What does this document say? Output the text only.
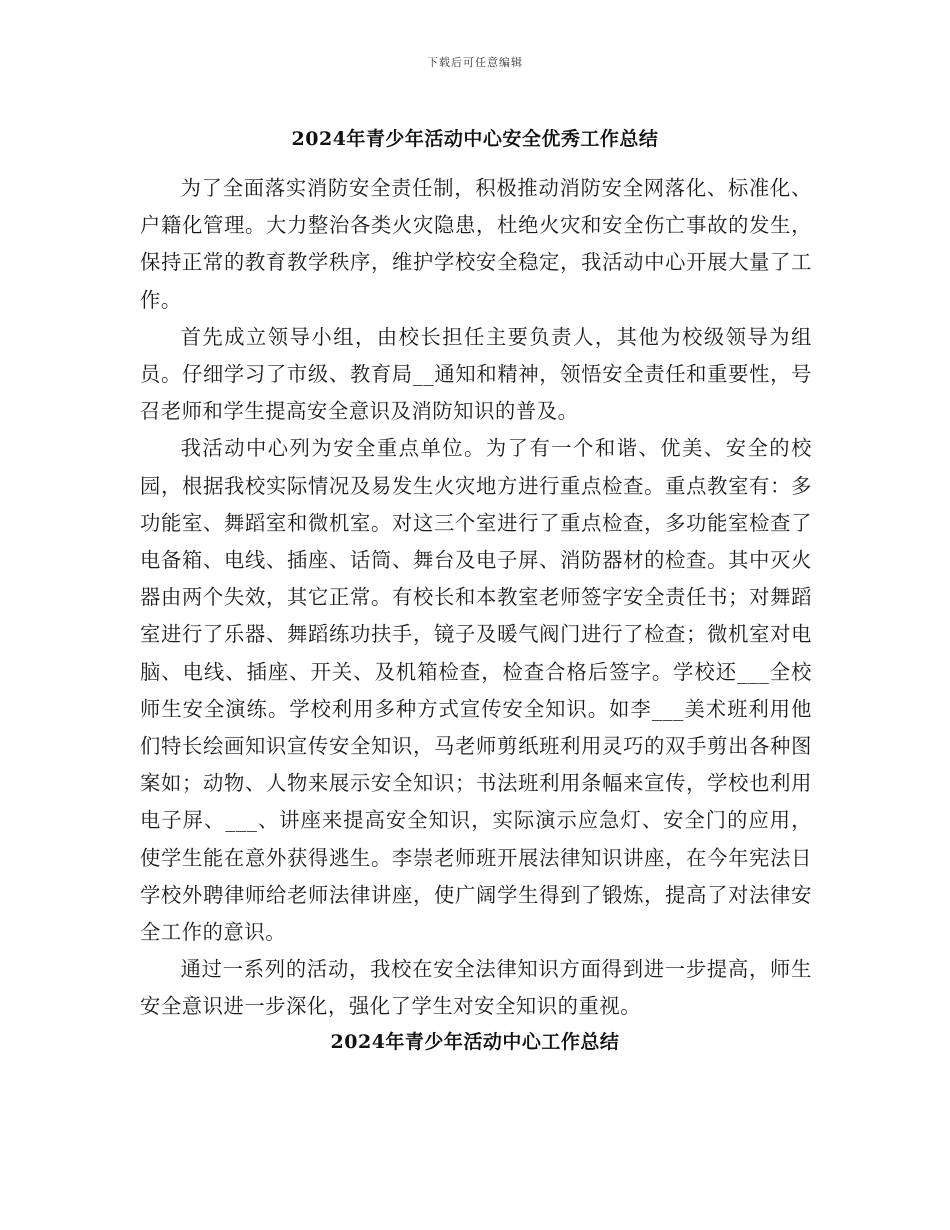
下载后可任意编辑
2024年青少年活动中心安全优秀工作总结

为了全面落实消防安全责任制，积极推动消防安全网落化、标准化、户籍化管理。大力整治各类火灾隐患，杜绝火灾和安全伤亡事故的发生，保持正常的教育教学秩序，维护学校安全稳定，我活动中心开展大量了工作。

首先成立领导小组，由校长担任主要负责人，其他为校级领导为组员。仔细学习了市级、教育局__通知和精神，领悟安全责任和重要性，号召老师和学生提高安全意识及消防知识的普及。

我活动中心列为安全重点单位。为了有一个和谐、优美、安全的校园，根据我校实际情况及易发生火灾地方进行重点检查。重点教室有：多功能室、舞蹈室和微机室。对这三个室进行了重点检查，多功能室检查了电备箱、电线、插座、话筒、舞台及电子屏、消防器材的检查。其中灭火器由两个失效，其它正常。有校长和本教室老师签字安全责任书；对舞蹈室进行了乐器、舞蹈练功扶手，镜子及暖气阀门进行了检查；微机室对电脑、电线、插座、开关、及机箱检查，检查合格后签字。学校还___全校师生安全演练。学校利用多种方式宣传安全知识。如李___美术班利用他们特长绘画知识宣传安全知识，马老师剪纸班利用灵巧的双手剪出各种图案如；动物、人物来展示安全知识；书法班利用条幅来宣传，学校也利用电子屏、___、讲座来提高安全知识，实际演示应急灯、安全门的应用，使学生能在意外获得逃生。李崇老师班开展法律知识讲座，在今年宪法日学校外聘律师给老师法律讲座，使广阔学生得到了锻炼，提高了对法律安全工作的意识。

通过一系列的活动，我校在安全法律知识方面得到进一步提高，师生安全意识进一步深化，强化了学生对安全知识的重视。

2024年青少年活动中心工作总结
